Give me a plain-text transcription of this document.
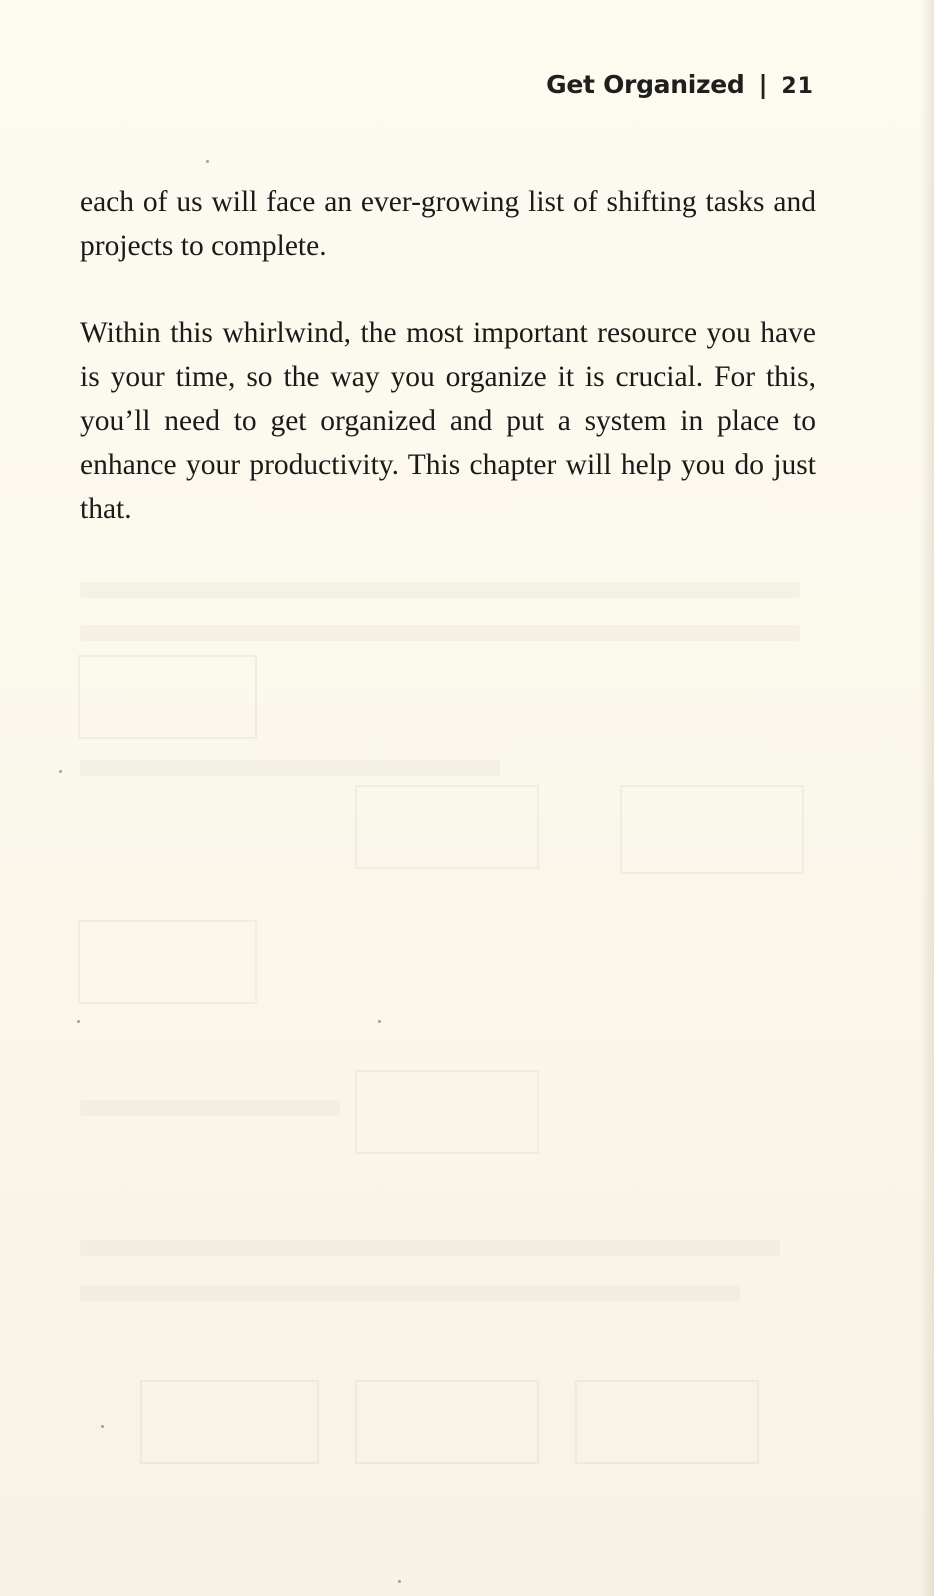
Get Organized | 21

each of us will face an ever-growing list of shifting tasks and projects to complete.

Within this whirlwind, the most important resource you have is your time, so the way you organize it is crucial. For this, you’ll need to get organized and put a system in place to enhance your productivity. This chapter will help you do just that.
